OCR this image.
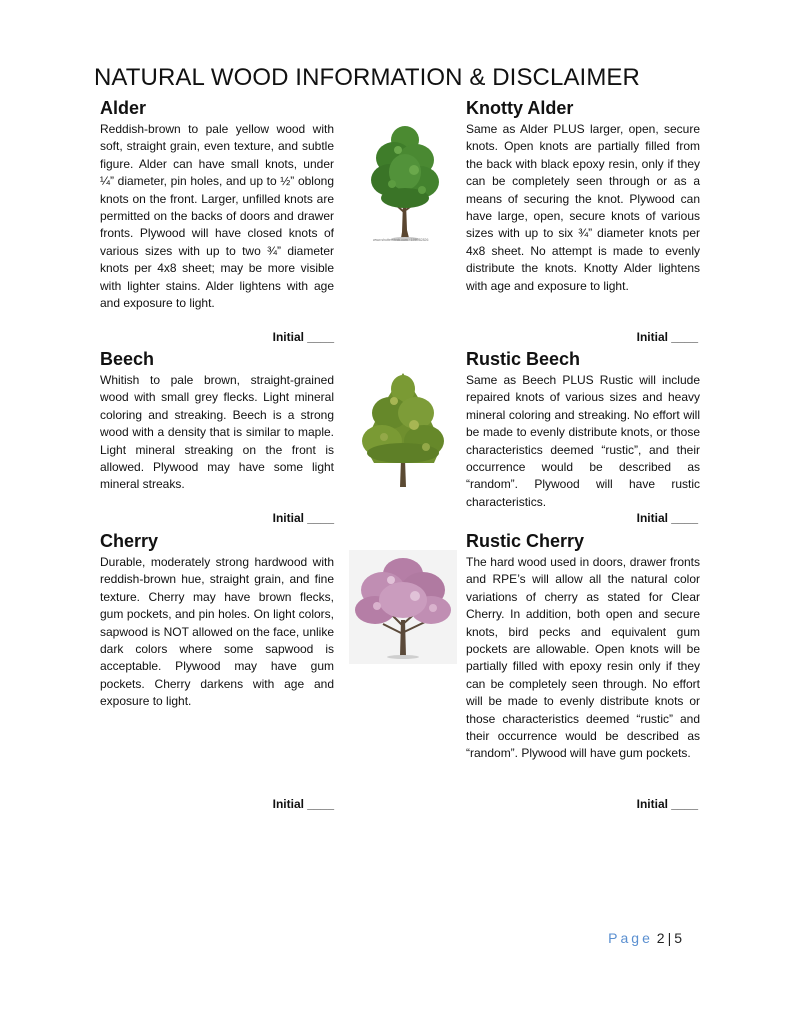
NATURAL WOOD INFORMATION & DISCLAIMER
Alder

Reddish-brown to pale yellow wood with soft, straight grain, even texture, and subtle figure. Alder can have small knots, under ¼” diameter, pin holes, and up to ½” oblong knots on the front. Larger, unfilled knots are permitted on the backs of doors and drawer fronts. Plywood will have closed knots of various sizes with up to two ¾” diameter knots per 4x8 sheet; may be more visible with lighter stains. Alder lightens with age and exposure to light.

Initial ____
Knotty Alder

Same as Alder PLUS larger, open, secure knots. Open knots are partially filled from the back with black epoxy resin, only if they can be completely seen through or as a means of securing the knot. Plywood can have large, open, secure knots of various sizes with up to six ¾” diameter knots per 4x8 sheet. No attempt is made to evenly distribute the knots. Knotty Alder lightens with age and exposure to light.

Initial ____
Beech

Whitish to pale brown, straight-grained wood with small grey flecks. Light mineral coloring and streaking. Beech is a strong wood with a density that is similar to maple. Light mineral streaking on the front is allowed. Plywood may have some light mineral streaks.

Initial ____
Rustic Beech

Same as Beech PLUS Rustic will include repaired knots of various sizes and heavy mineral coloring and streaking. No effort will be made to evenly distribute knots, or those characteristics deemed “rustic”, and their occurrence would be described as “random”. Plywood will have rustic characteristics.

Initial ____
Cherry

Durable, moderately strong hardwood with reddish-brown hue, straight grain, and fine texture. Cherry may have brown flecks, gum pockets, and pin holes. On light colors, sapwood is NOT allowed on the face, unlike dark colors where some sapwood is acceptable. Plywood may have gum pockets. Cherry darkens with age and exposure to light.

Initial ____
Rustic Cherry

The hard wood used in doors, drawer fronts and RPE’s will allow all the natural color variations of cherry as stated for Clear Cherry. In addition, both open and secure knots, bird pecks and equivalent gum pockets are allowable. Open knots will be partially filled with epoxy resin only if they can be completely seen through. No effort will be made to evenly distribute knots or those characteristics deemed “rustic” and their occurrence would be described as “random”. Plywood will have gum pockets.

Initial ____
www.shutterstock.com · 108082826
Page 2 | 5
